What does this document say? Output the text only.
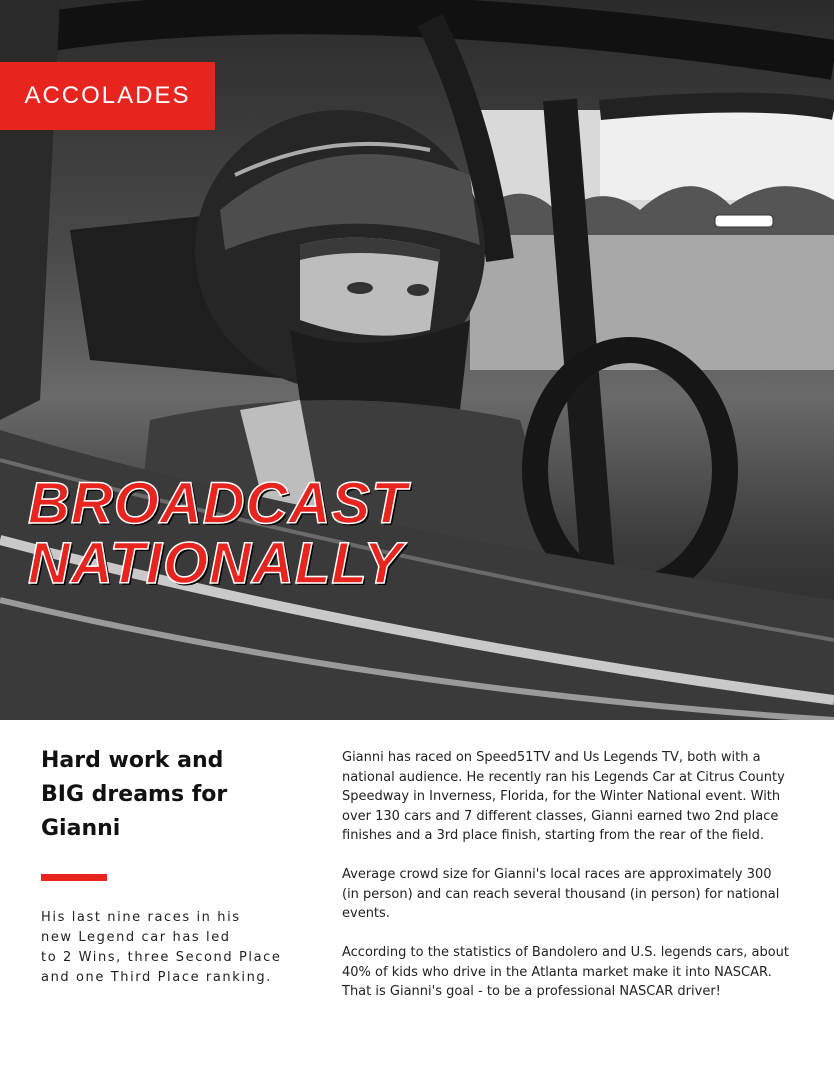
ACCOLADES
BROADCAST
NATIONALLY

Hard work and

BIG dreams for

Gianni

His last nine races in his
new Legend car has led
to 2 Wins, three Second Place
and one Third Place ranking.

Gianni has raced on Speed51TV and Us Legends TV, both with a national audience. He recently ran his Legends Car at Citrus County Speedway in Inverness, Florida, for the Winter National event. With over 130 cars and 7 different classes, Gianni earned two 2nd place finishes and a 3rd place finish, starting from the rear of the field.

Average crowd size for Gianni's local races are approximately 300 (in person) and can reach several thousand (in person) for national events.

According to the statistics of Bandolero and U.S. legends cars, about 40% of kids who drive in the Atlanta market make it into NASCAR. That is Gianni's goal - to be a professional NASCAR driver!
